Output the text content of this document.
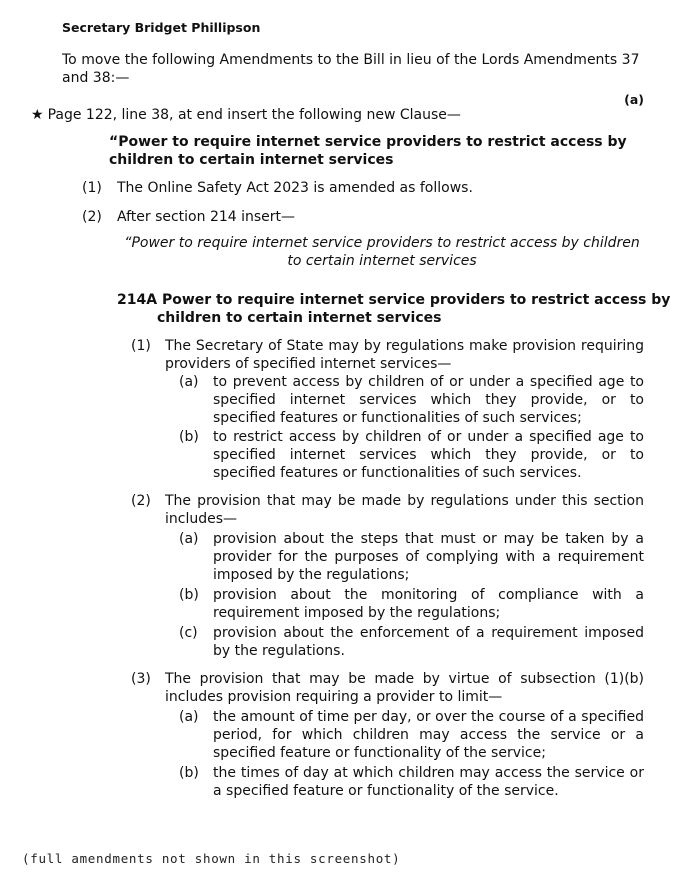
Secretary Bridget Phillipson
To move the following Amendments to the Bill in lieu of the Lords Amendments 37 and 38:—
(a)
★ Page 122, line 38, at end insert the following new Clause—
“Power to require internet service providers to restrict access by children to certain internet services
(1) The Online Safety Act 2023 is amended as follows.
(2) After section 214 insert—
“Power to require internet service providers to restrict access by children to certain internet services
214A Power to require internet service providers to restrict access by children to certain internet services
(1) The Secretary of State may by regulations make provision requiring providers of specified internet services—
(a) to prevent access by children of or under a specified age to specified internet services which they provide, or to specified features or functionalities of such services;
(b) to restrict access by children of or under a specified age to specified internet services which they provide, or to specified features or functionalities of such services.
(2) The provision that may be made by regulations under this section includes—
(a) provision about the steps that must or may be taken by a provider for the purposes of complying with a requirement imposed by the regulations;
(b) provision about the monitoring of compliance with a requirement imposed by the regulations;
(c) provision about the enforcement of a requirement imposed by the regulations.
(3) The provision that may be made by virtue of subsection (1)(b) includes provision requiring a provider to limit—
(a) the amount of time per day, or over the course of a specified period, for which children may access the service or a specified feature or functionality of the service;
(b) the times of day at which children may access the service or a specified feature or functionality of the service.
(full amendments not shown in this screenshot)
